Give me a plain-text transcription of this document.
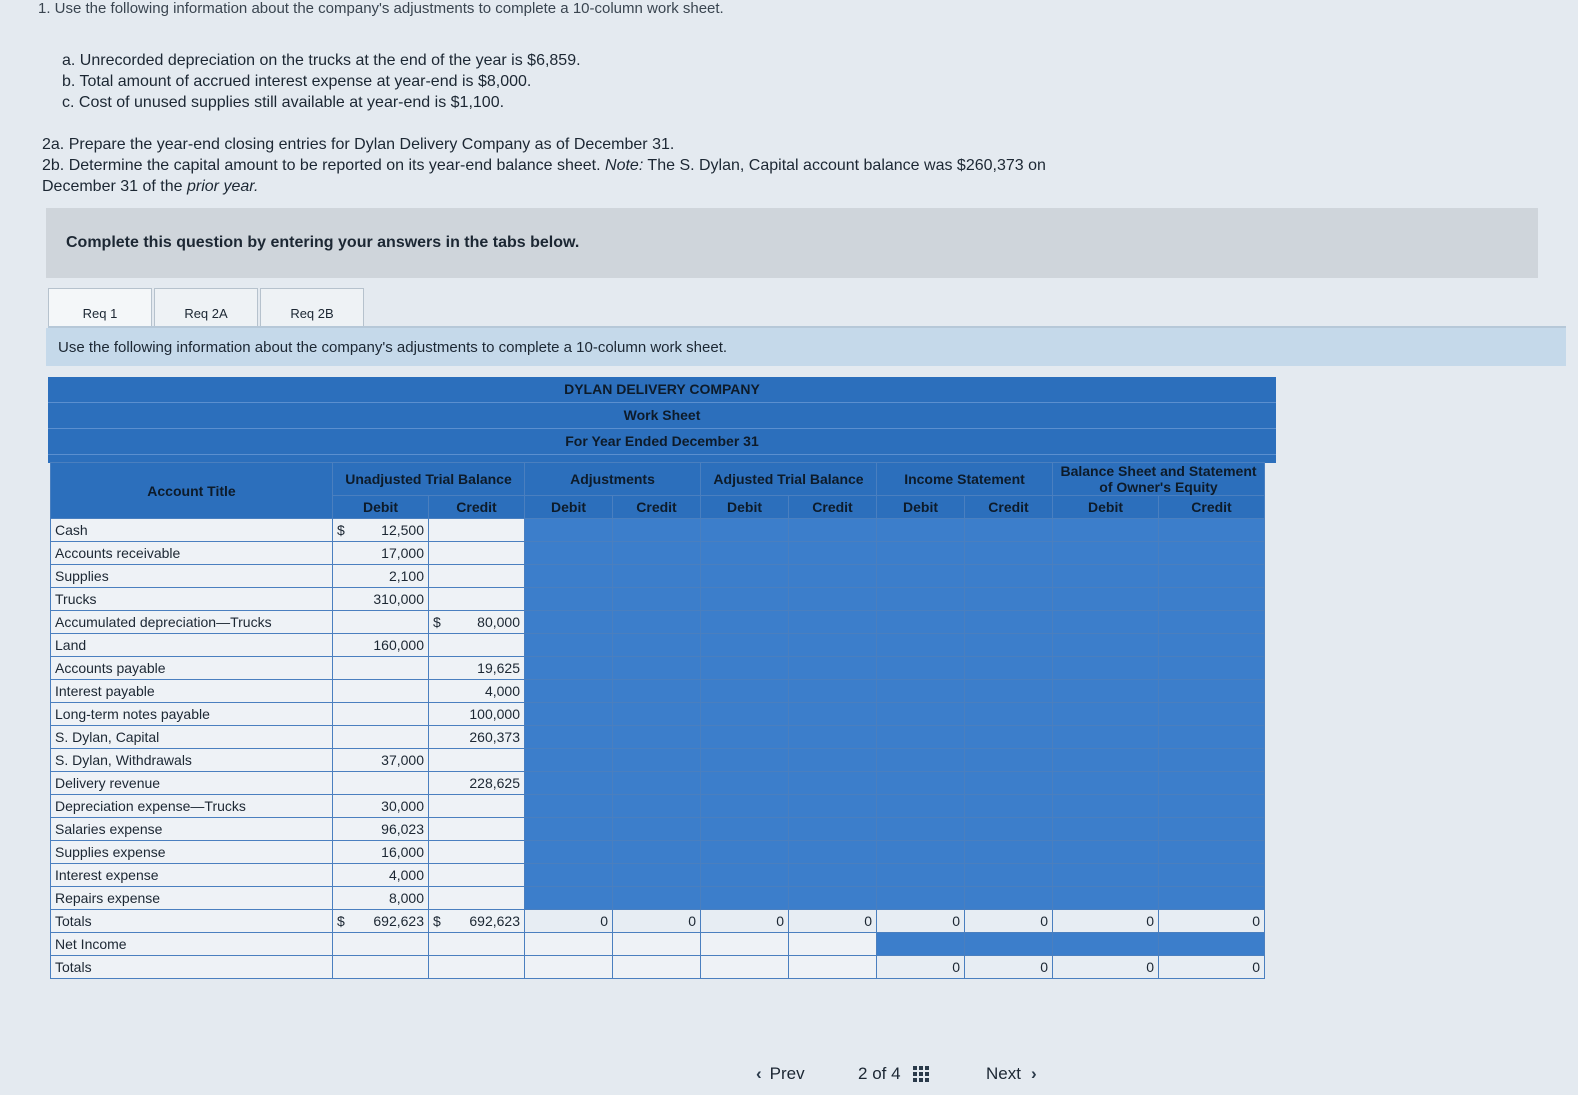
1. Use the following information about the company's adjustments to complete a 10-column work sheet.
a. Unrecorded depreciation on the trucks at the end of the year is $6,859.
b. Total amount of accrued interest expense at year-end is $8,000.
c. Cost of unused supplies still available at year-end is $1,100.
2a. Prepare the year-end closing entries for Dylan Delivery Company as of December 31.
2b. Determine the capital amount to be reported on its year-end balance sheet. Note: The S. Dylan, Capital account balance was $260,373 on December 31 of the prior year.
Complete this question by entering your answers in the tabs below.
Req 1	Req 2A	Req 2B
Use the following information about the company's adjustments to complete a 10-column work sheet.
DYLAN DELIVERY COMPANY
Work Sheet
For Year Ended December 31
Account Title	Unadjusted Trial Balance		Adjustments		Adjusted Trial Balance		Income Statement		Balance Sheet and Statement of Owner's Equity	
	Debit	Credit	Debit	Credit	Debit	Credit	Debit	Credit	Debit	Credit
Cash	$ 12,500	

Accounts receivable	17,000	

Supplies	2,100	

Trucks	310,000	

Accumulated depreciation—Trucks		$ 80,000								
Land	160,000	

Accounts payable		19,625								
Interest payable		4,000								
Long-term notes payable		100,000								
S. Dylan, Capital		260,373								
S. Dylan, Withdrawals	37,000	

Delivery revenue		228,625								
Depreciation expense—Trucks	30,000	

Salaries expense	96,023	

Supplies expense	16,000	

Interest expense	4,000	

Repairs expense	8,000	

Totals	$ 692,623	$ 692,623	0	0	0	0	0	0	0	0
Net Income										
Totals							0	0	0	0
‹ Prev	2
of
4	Next ›
